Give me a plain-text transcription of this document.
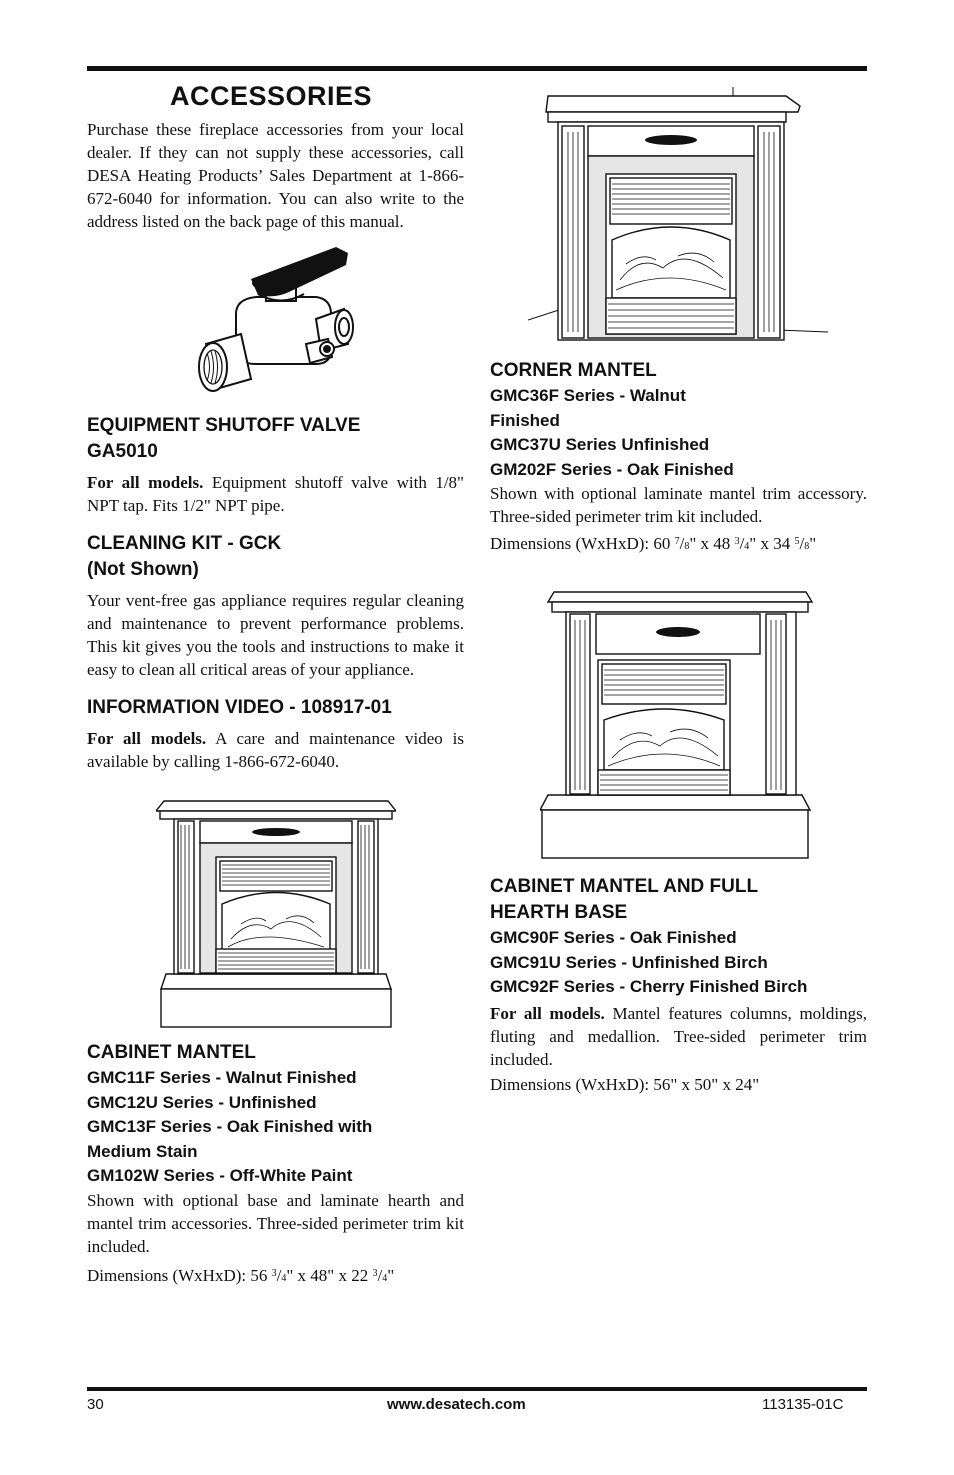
ACCESSORIES

Purchase these fireplace accessories from your local dealer. If they can not supply these accessories, call DESA Heating Products’ Sales Department at 1-866-672-6040 for information. You can also write to the address listed on the back page of this manual.

EQUIPMENT SHUTOFF VALVE

GA5010

For all models. Equipment shutoff valve with 1/8" NPT tap. Fits 1/2" NPT pipe.

CLEANING KIT - GCK

(Not Shown)

Your vent-free gas appliance requires regular cleaning and maintenance to prevent performance problems. This kit gives you the tools and instructions to make it easy to clean all critical areas of your appliance.

INFORMATION VIDEO - 108917-01

For all models. A care and maintenance video is available by calling 1-866-672-6040.

CABINET MANTEL

GMC11F Series - Walnut Finished

GMC12U Series - Unfinished

GMC13F Series - Oak Finished with

Medium Stain

GM102W Series - Off-White Paint

Shown with optional base and laminate hearth and mantel trim accessories. Three-sided perimeter trim kit included.

Dimensions (WxHxD): 56 $^3$/4" x 48" x 22 $^3$/4"

CORNER MANTEL

GMC36F Series - Walnut

Finished

GMC37U Series Unfinished

GM202F Series - Oak Finished

Shown with optional laminate mantel trim accessory. Three-sided perimeter trim kit included.

Dimensions (WxHxD): 60 $^7$/8" x 48 $^3$/4" x 34 $^5$/8"

CABINET MANTEL AND FULL

HEARTH BASE

GMC90F Series - Oak Finished

GMC91U Series - Unfinished Birch

GMC92F Series - Cherry Finished Birch

For all models. Mantel features columns, moldings, fluting and medallion. Tree-sided perimeter trim included.

Dimensions (WxHxD): 56" x 50" x 24"

30	www.desatech.com	113135-01C
